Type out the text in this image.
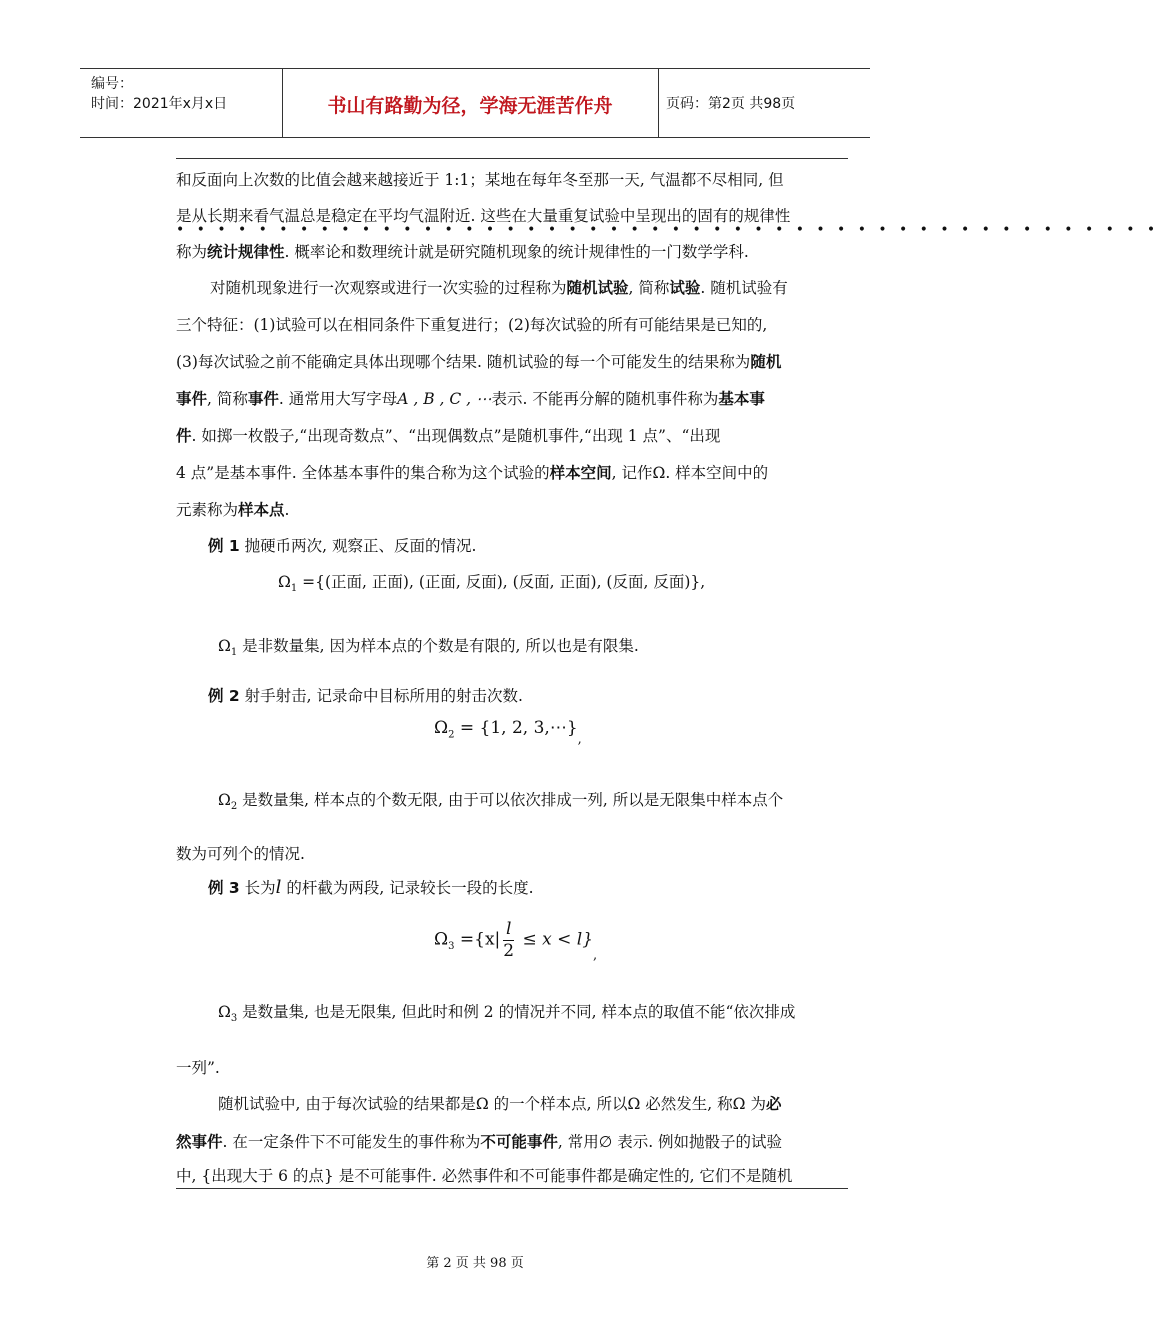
编号：
时间：2021年x月x日	书山有路勤为径，学海无涯苦作舟	页码：第2页 共98页
和反面向上次数的比值会越来越接近于 1:1；某地在每年冬至那一天, 气温都不尽相同, 但
是从长期来看气温总是稳定在平均气温附近. 这些在大量重复试验中呈现出的固有的规律性
••••••••••••••••••••••••••••••••••••••••••••••••
称为统计规律性. 概率论和数理统计就是研究随机现象的统计规律性的一门数学学科.
对随机现象进行一次观察或进行一次实验的过程称为随机试验, 简称试验. 随机试验有
三个特征：(1)试验可以在相同条件下重复进行；(2)每次试验的所有可能结果是已知的,
(3)每次试验之前不能确定具体出现哪个结果. 随机试验的每一个可能发生的结果称为随机
事件, 简称事件. 通常用大写字母A , B , C , ⋯表示. 不能再分解的随机事件称为基本事
件. 如掷一枚骰子,“出现奇数点”、“出现偶数点”是随机事件,“出现 1 点”、“出现
4 点”是基本事件. 全体基本事件的集合称为这个试验的样本空间, 记作Ω. 样本空间中的
元素称为样本点.
例 1 抛硬币两次, 观察正、反面的情况.
$\Omega_1$ ={(正面, 正面), (正面, 反面), (反面, 正面), (反面, 反面)},
$\Omega_1$ 是非数量集, 因为样本点的个数是有限的, 所以也是有限集.
例 2 射手射击, 记录命中目标所用的射击次数.
$\Omega_2 = \{1$, 2, $3,\cdots\}_,$
$\Omega_2$ 是数量集, 样本点的个数无限, 由于可以依次排成一列, 所以是无限集中样本点个
数为可列个的情况.
例 3 长为l 的杆截为两段, 记录较长一段的长度.
$\Omega_3 =\{x| \frac{l}{2} \le x < l\}_,$
$\Omega_3$ 是数量集, 也是无限集, 但此时和例 2 的情况并不同, 样本点的取值不能“依次排成
一列”.
随机试验中, 由于每次试验的结果都是Ω 的一个样本点, 所以Ω 必然发生, 称Ω 为必
然事件. 在一定条件下不可能发生的事件称为不可能事件, 常用∅ 表示. 例如抛骰子的试验
中, {出现大于 6 的点} 是不可能事件. 必然事件和不可能事件都是确定性的, 它们不是随机
第 2 页 共 98 页
